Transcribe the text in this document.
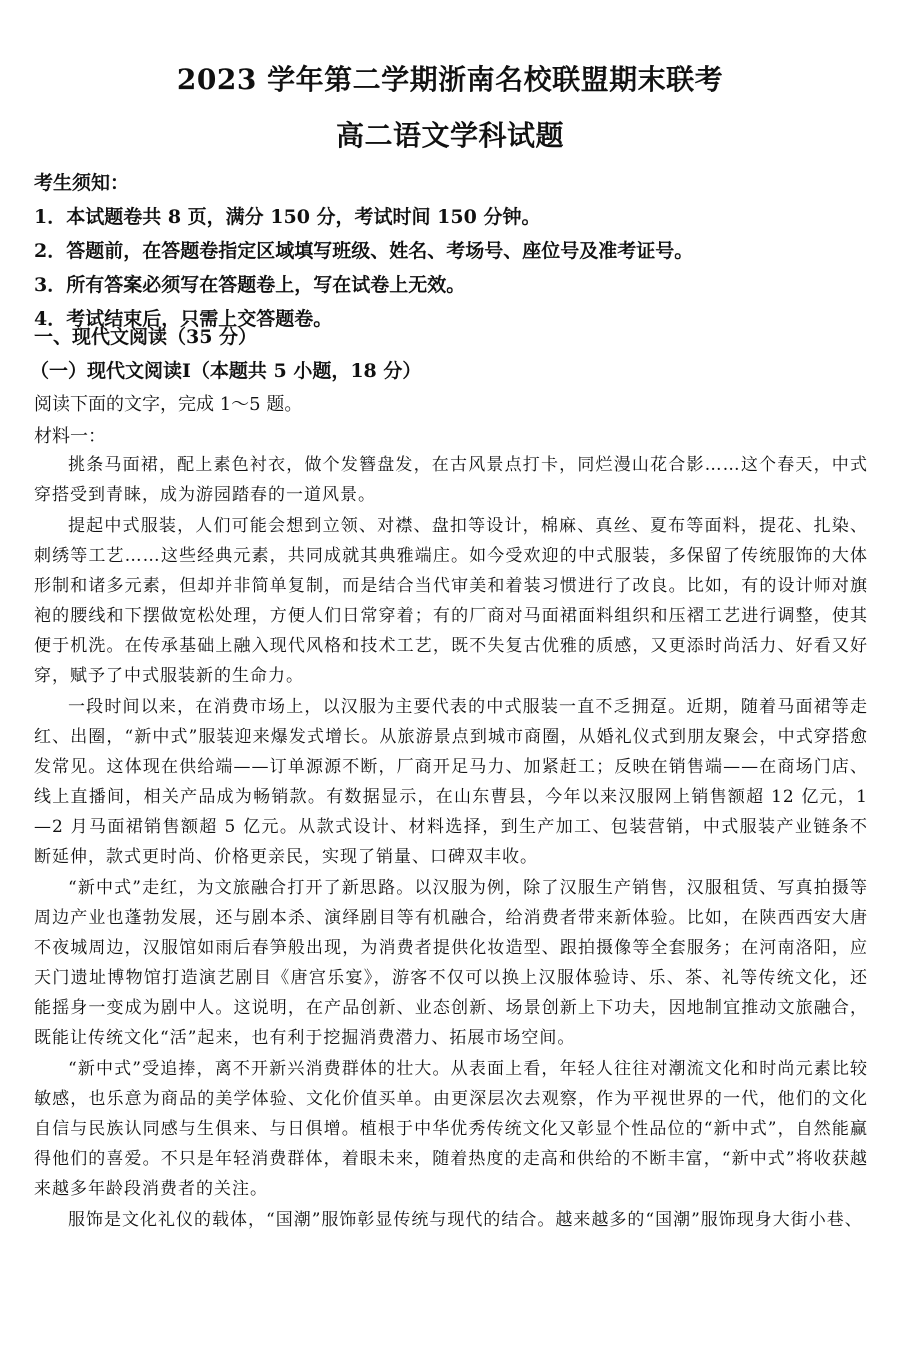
2023 学年第二学期浙南名校联盟期末联考
高二语文学科试题
考生须知：
1．本试题卷共 8 页，满分 150 分，考试时间 150 分钟。
2．答题前，在答题卷指定区域填写班级、姓名、考场号、座位号及准考证号。
3．所有答案必须写在答题卷上，写在试卷上无效。
4．考试结束后，只需上交答题卷。
一、现代文阅读（35 分）
（一）现代文阅读Ⅰ（本题共 5 小题，18 分）
阅读下面的文字，完成 1～5 题。
材料一：

挑条马面裙，配上素色衬衣，做个发簪盘发，在古风景点打卡，同烂漫山花合影……这个春天，中式穿搭受到青睐，成为游园踏春的一道风景。

提起中式服装，人们可能会想到立领、对襟、盘扣等设计，棉麻、真丝、夏布等面料，提花、扎染、刺绣等工艺……这些经典元素，共同成就其典雅端庄。如今受欢迎的中式服装，多保留了传统服饰的大体形制和诸多元素，但却并非简单复制，而是结合当代审美和着装习惯进行了改良。比如，有的设计师对旗袍的腰线和下摆做宽松处理，方便人们日常穿着；有的厂商对马面裙面料组织和压褶工艺进行调整，使其便于机洗。在传承基础上融入现代风格和技术工艺，既不失复古优雅的质感，又更添时尚活力、好看又好穿，赋予了中式服装新的生命力。

一段时间以来，在消费市场上，以汉服为主要代表的中式服装一直不乏拥趸。近期，随着马面裙等走红、出圈，“新中式”服装迎来爆发式增长。从旅游景点到城市商圈，从婚礼仪式到朋友聚会，中式穿搭愈发常见。这体现在供给端——订单源源不断，厂商开足马力、加紧赶工；反映在销售端——在商场门店、线上直播间，相关产品成为畅销款。有数据显示，在山东曹县，今年以来汉服网上销售额超 12 亿元，1—2 月马面裙销售额超 5 亿元。从款式设计、材料选择，到生产加工、包装营销，中式服装产业链条不断延伸，款式更时尚、价格更亲民，实现了销量、口碑双丰收。

“新中式”走红，为文旅融合打开了新思路。以汉服为例，除了汉服生产销售，汉服租赁、写真拍摄等周边产业也蓬勃发展，还与剧本杀、演绎剧目等有机融合，给消费者带来新体验。比如，在陕西西安大唐不夜城周边，汉服馆如雨后春笋般出现，为消费者提供化妆造型、跟拍摄像等全套服务；在河南洛阳，应天门遗址博物馆打造演艺剧目《唐宫乐宴》，游客不仅可以换上汉服体验诗、乐、茶、礼等传统文化，还能摇身一变成为剧中人。这说明，在产品创新、业态创新、场景创新上下功夫，因地制宜推动文旅融合，既能让传统文化“活”起来，也有利于挖掘消费潜力、拓展市场空间。

“新中式”受追捧，离不开新兴消费群体的壮大。从表面上看，年轻人往往对潮流文化和时尚元素比较敏感，也乐意为商品的美学体验、文化价值买单。由更深层次去观察，作为平视世界的一代，他们的文化自信与民族认同感与生俱来、与日俱增。植根于中华优秀传统文化又彰显个性品位的“新中式”，自然能赢得他们的喜爱。不只是年轻消费群体，着眼未来，随着热度的走高和供给的不断丰富，“新中式”将收获越来越多年龄段消费者的关注。

服饰是文化礼仪的载体，“国潮”服饰彰显传统与现代的结合。越来越多的“国潮”服饰现身大街小巷、
